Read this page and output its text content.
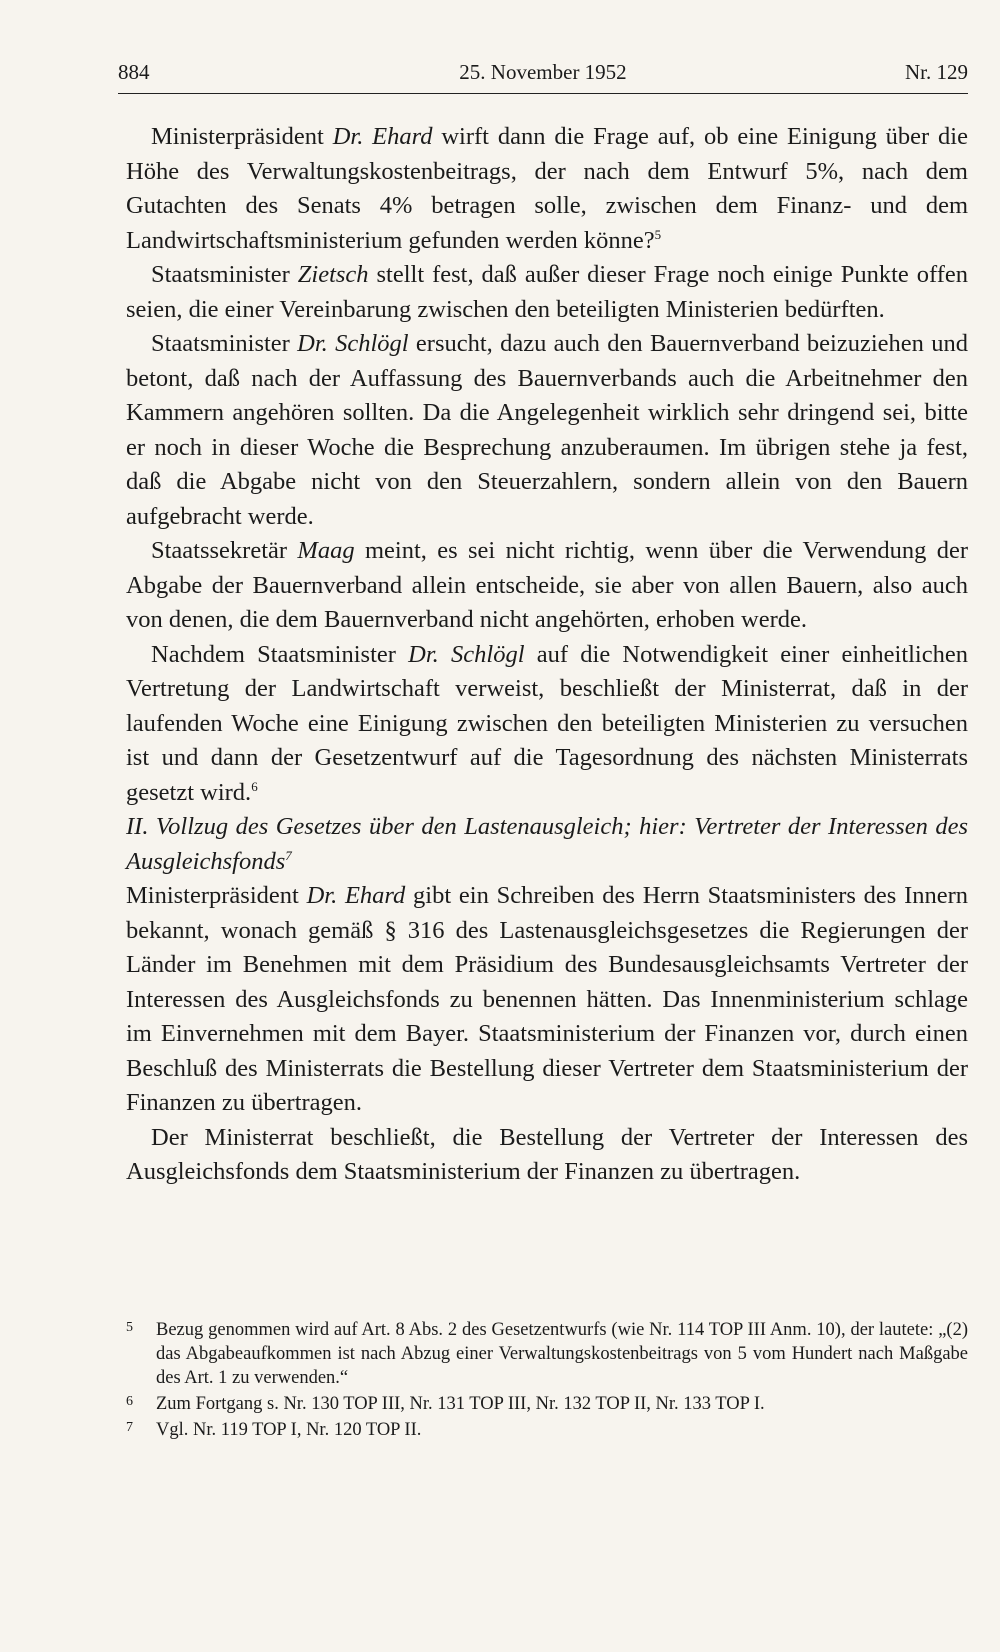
884	25. November 1952	Nr. 129

Ministerpräsident Dr. Ehard wirft dann die Frage auf, ob eine Einigung über die Höhe des Verwaltungskostenbeitrags, der nach dem Entwurf 5%, nach dem Gutachten des Senats 4% betragen solle, zwischen dem Finanz- und dem Landwirtschaftsministerium gefunden werden könne?$^5$

Staatsminister Zietsch stellt fest, daß außer dieser Frage noch einige Punkte offen seien, die einer Vereinbarung zwischen den beteiligten Ministerien bedürften.

Staatsminister Dr. Schlögl ersucht, dazu auch den Bauernverband beizuziehen und betont, daß nach der Auffassung des Bauernverbands auch die Arbeitnehmer den Kammern angehören sollten. Da die Angelegenheit wirklich sehr dringend sei, bitte er noch in dieser Woche die Besprechung anzuberaumen. Im übrigen stehe ja fest, daß die Abgabe nicht von den Steuerzahlern, sondern allein von den Bauern aufgebracht werde.

Staatssekretär Maag meint, es sei nicht richtig, wenn über die Verwendung der Abgabe der Bauernverband allein entscheide, sie aber von allen Bauern, also auch von denen, die dem Bauernverband nicht angehörten, erhoben werde.

Nachdem Staatsminister Dr. Schlögl auf die Notwendigkeit einer einheitlichen Vertretung der Landwirtschaft verweist, beschließt der Ministerrat, daß in der laufenden Woche eine Einigung zwischen den beteiligten Ministerien zu versuchen ist und dann der Gesetzentwurf auf die Tagesordnung des nächsten Ministerrats gesetzt wird.$^6$

II. Vollzug des Gesetzes über den Lastenausgleich; hier: Vertreter der Interessen des Ausgleichsfonds$^7$

Ministerpräsident Dr. Ehard gibt ein Schreiben des Herrn Staatsministers des Innern bekannt, wonach gemäß § 316 des Lastenausgleichsgesetzes die Regierungen der Länder im Benehmen mit dem Präsidium des Bundesausgleichsamts Vertreter der Interessen des Ausgleichsfonds zu benennen hätten. Das Innenministerium schlage im Einvernehmen mit dem Bayer. Staatsministerium der Finanzen vor, durch einen Beschluß des Ministerrats die Bestellung dieser Vertreter dem Staatsministerium der Finanzen zu übertragen.

Der Ministerrat beschließt, die Bestellung der Vertreter der Interessen des Ausgleichsfonds dem Staatsministerium der Finanzen zu übertragen.

5 Bezug genommen wird auf Art. 8 Abs. 2 des Gesetzentwurfs (wie Nr. 114 TOP III Anm. 10), der lautete: „(2) das Abgabeaufkommen ist nach Abzug einer Verwaltungskostenbeitrags von 5 vom Hundert nach Maßgabe des Art. 1 zu verwenden.“
6 Zum Fortgang s. Nr. 130 TOP III, Nr. 131 TOP III, Nr. 132 TOP II, Nr. 133 TOP I.
7 Vgl. Nr. 119 TOP I, Nr. 120 TOP II.
